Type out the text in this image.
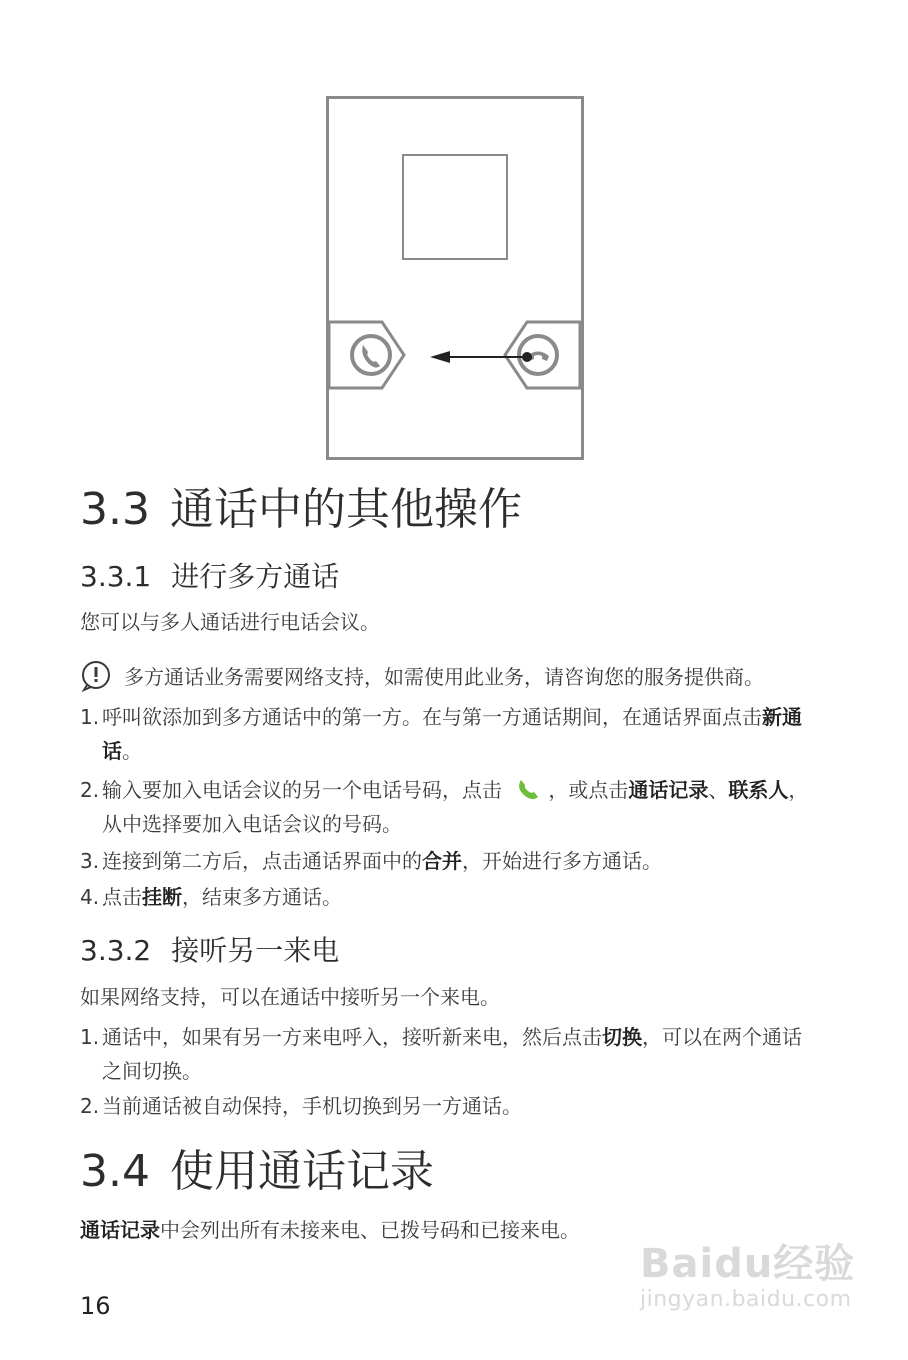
3.3 通话中的其他操作
3.3.1 进行多方通话
您可以与多人通话进行电话会议。
多方通话业务需要网络支持，如需使用此业务，请咨询您的服务提供商。
1. 呼叫欲添加到多方通话中的第一方。在与第一方通话期间，在通话界面点击新通话。
2. 输入要加入电话会议的另一个电话号码，点击 ，或点击通话记录、联系人，从中选择要加入电话会议的号码。
3. 连接到第二方后，点击通话界面中的合并，开始进行多方通话。
4. 点击挂断，结束多方通话。
3.3.2 接听另一来电
如果网络支持，可以在通话中接听另一个来电。
1. 通话中，如果有另一方来电呼入，接听新来电，然后点击切换，可以在两个通话之间切换。
2. 当前通话被自动保持，手机切换到另一方通话。
3.4 使用通话记录
通话记录中会列出所有未接来电、已拨号码和已接来电。
16
Baidu经验
jingyan.baidu.com
